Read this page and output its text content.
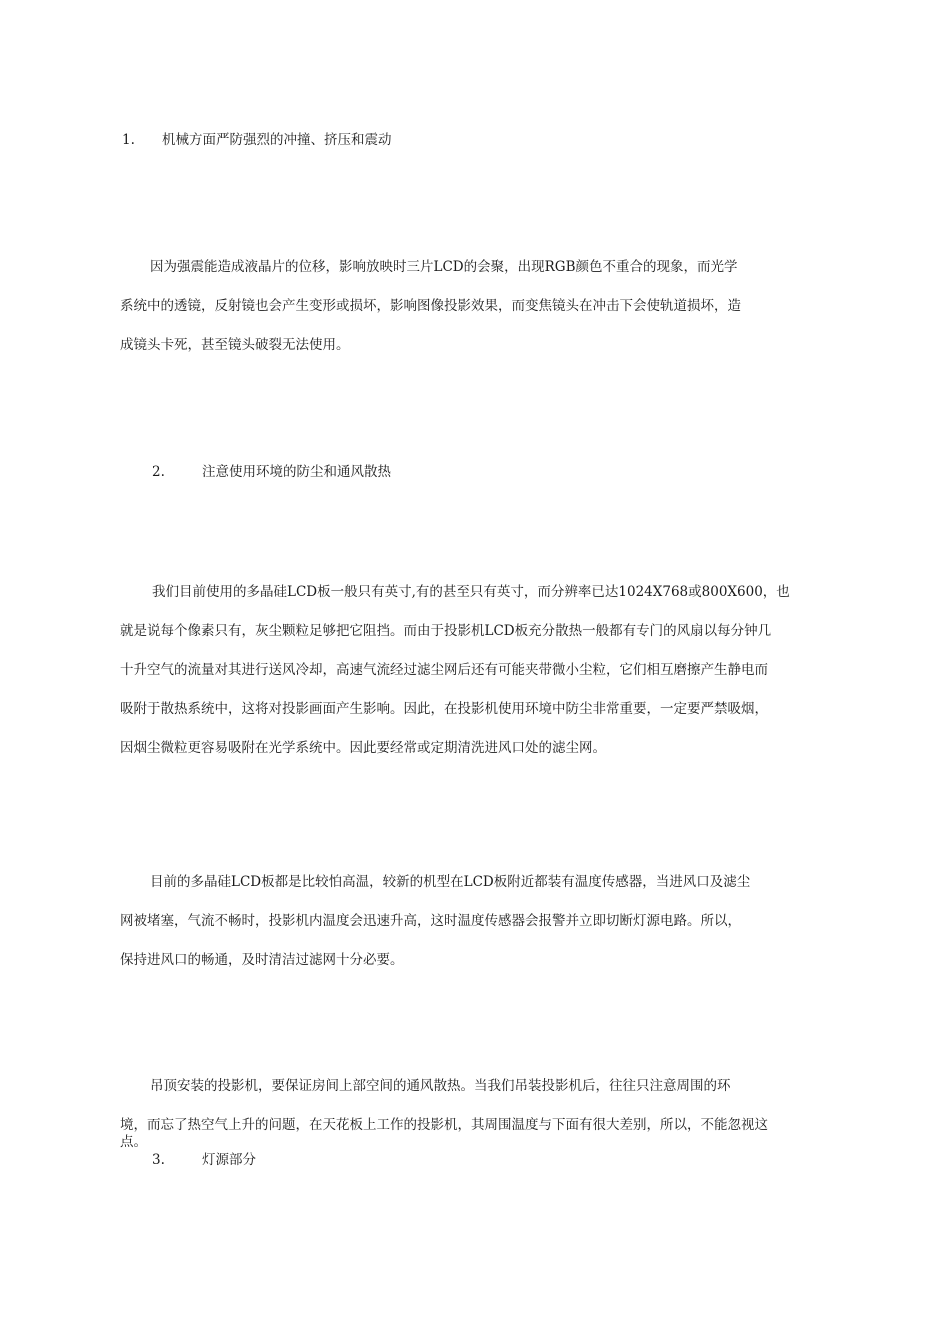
1. 机械方面严防强烈的冲撞、挤压和震动
因为强震能造成液晶片的位移，影响放映时三片LCD的会聚，出现RGB颜色不重合的现象，而光学
系统中的透镜，反射镜也会产生变形或损坏，影响图像投影效果，而变焦镜头在冲击下会使轨道损坏，造
成镜头卡死，甚至镜头破裂无法使用。
2.	注意使用环境的防尘和通风散热
我们目前使用的多晶硅LCD板一般只有英寸,有的甚至只有英寸，而分辨率已达1024X768或800X600，也
就是说每个像素只有，灰尘颗粒足够把它阻挡。而由于投影机LCD板充分散热一般都有专门的风扇以每分钟几
十升空气的流量对其进行送风冷却，高速气流经过滤尘网后还有可能夹带微小尘粒，它们相互磨擦产生静电而
吸附于散热系统中，这将对投影画面产生影响。因此，在投影机使用环境中防尘非常重要，一定要严禁吸烟，
因烟尘微粒更容易吸附在光学系统中。因此要经常或定期清洗进风口处的滤尘网。
目前的多晶硅LCD板都是比较怕高温，较新的机型在LCD板附近都装有温度传感器，当进风口及滤尘
网被堵塞，气流不畅时，投影机内温度会迅速升高，这时温度传感器会报警并立即切断灯源电路。所以，
保持进风口的畅通，及时清洁过滤网十分必要。
吊顶安装的投影机，要保证房间上部空间的通风散热。当我们吊装投影机后，往往只注意周围的环
境，而忘了热空气上升的问题，在天花板上工作的投影机，其周围温度与下面有很大差别，所以，不能忽视这
点。
3.	灯源部分
